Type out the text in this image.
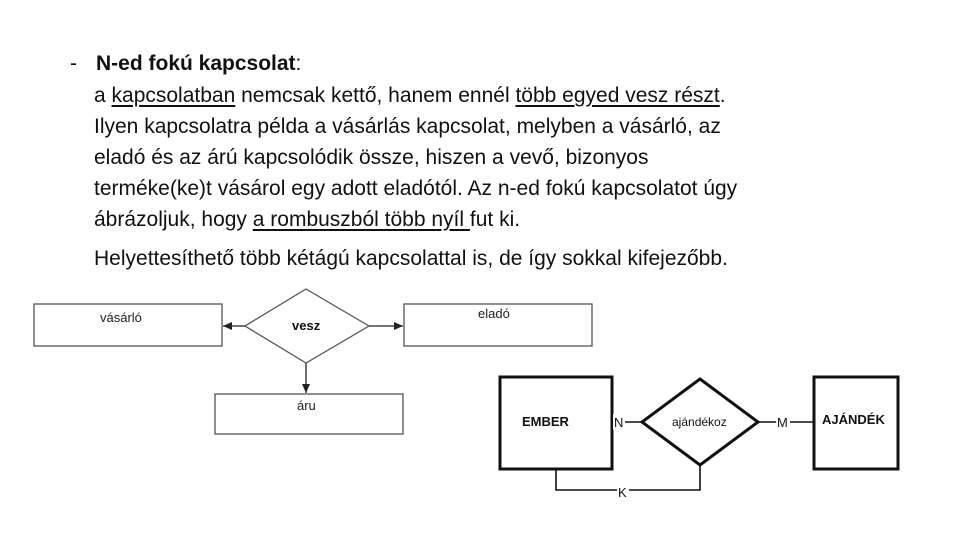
- N-ed fokú kapcsolat:
a kapcsolatban nemcsak kettő, hanem ennél több egyed vesz részt.
Ilyen kapcsolatra példa a vásárlás kapcsolat, melyben a vásárló, az
eladó és az árú kapcsolódik össze, hiszen a vevő, bizonyos
terméke(ke)t vásárol egy adott eladótól. Az n-ed fokú kapcsolatot úgy
ábrázoljuk, hogy a rombuszból több nyíl fut ki.
Helyettesíthető több kétágú kapcsolattal is, de így sokkal kifejezőbb.
vásárló
vesz
eladó
áru
EMBER	ajándékoz	AJÁNDÉK
N	M
K
